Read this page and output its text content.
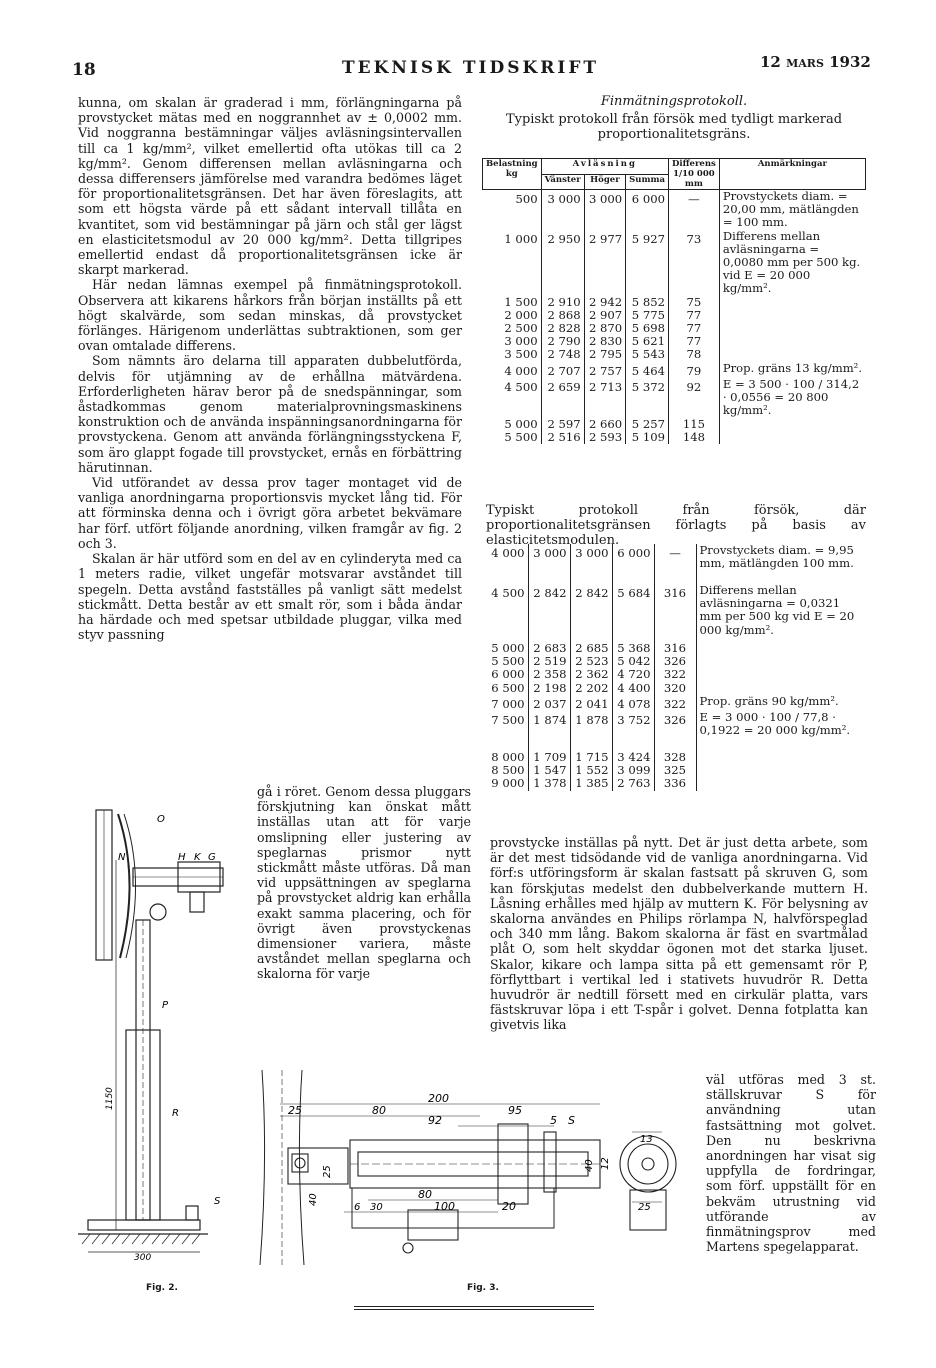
18	TEKNISK TIDSKRIFT	12 mars 1932

kunna, om skalan är graderad i mm, förlängningarna på provstycket mätas med en noggrannhet av ± 0,0002 mm. Vid noggranna bestämningar väljes avläsningsintervallen till ca 1 kg/mm², vilket emellertid ofta utökas till ca 2 kg/mm². Genom differensen mellan avläsningarna och dessa differensers jämförelse med varandra bedömes läget för proportionalitetsgränsen. Det har även föreslagits, att som ett högsta värde på ett sådant intervall tillåta en kvantitet, som vid bestämningar på järn och stål ger lägst en elasticitetsmodul av 20 000 kg/mm². Detta tillgripes emellertid endast då proportionalitetsgränsen icke är skarpt markerad.

Här nedan lämnas exempel på finmätningsprotokoll. Observera att kikarens hårkors från början inställts på ett högt skalvärde, som sedan minskas, då provstycket förlänges. Härigenom underlättas subtraktionen, som ger ovan omtalade differens.

Som nämnts äro delarna till apparaten dubbelutförda, delvis för utjämning av de erhållna mätvärdena. Erforderligheten härav beror på de snedspänningar, som åstadkommas genom materialprovningsmaskinens konstruktion och de använda inspänningsanordningarna för provstyckena. Genom att använda förlängningsstyckena F, som äro glappt fogade till provstycket, ernås en förbättring härutinnan.

Vid utförandet av dessa prov tager montaget vid de vanliga anordningarna proportionsvis mycket lång tid. För att förminska denna och i övrigt göra arbetet bekvämare har förf. utfört följande anordning, vilken framgår av fig. 2 och 3.

Skalan är här utförd som en del av en cylinderyta med ca 1 meters radie, vilket ungefär motsvarar avståndet till spegeln. Detta avstånd fastställes på vanligt sätt medelst stickmått. Detta består av ett smalt rör, som i båda ändar ha härdade och med spetsar utbildade pluggar, vilka med styv passning

gå i röret. Genom dessa pluggars förskjutning kan önskat mått inställas utan att för varje omslipning eller justering av speglarnas prismor nytt stickmått måste utföras. Då man vid uppsättningen av speglarna på provstycket aldrig kan erhålla exakt samma placering, och för övrigt även provstyckenas dimensioner variera, måste avståndet mellan speglarna och skalorna för varje

O
N	H K G
P
R
S
1150
300
Fig. 2.
200
25	80
92
95
5 S
13
25	40 12
80
100	20
6 30
40
25
Fig. 3.
Finmätningsprotokoll.
Typiskt protokoll från försök med tydligt markerad proportionalitetsgräns.
Belastning kg	Avläsning			Differens 1/10 000 mm	Anmärkningar
	Vänster	Höger	Summa		
500	3 000	3 000	6 000	—	Provstyckets diam. = 20,00 mm, mätlängden = 100 mm.
1 000	2 950	2 977	5 927	73	Differens mellan avläsningarna = 0,0080 mm per 500 kg. vid E = 20 000 kg/mm².
1 500	2 910	2 942	5 852	75	
2 000	2 868	2 907	5 775	77	
2 500	2 828	2 870	5 698	77	
3 000	2 790	2 830	5 621	77	
3 500	2 748	2 795	5 543	78	
4 000	2 707	2 757	5 464	79	Prop. gräns 13 kg/mm².
4 500	2 659	2 713	5 372	92	E = 3 500 · 100 / 314,2 · 0,0556 = 20 800 kg/mm².
5 000	2 597	2 660	5 257	115	
5 500	2 516	2 593	5 109	148	
Typiskt protokoll från försök, där proportionalitetsgränsen förlagts på basis av elasticitetsmodulen.
4 000	3 000	3 000	6 000	—	Provstyckets diam. = 9,95 mm, mätlängden 100 mm.
4 500	2 842	2 842	5 684	316	Differens mellan avläsningarna = 0,0321 mm per 500 kg vid E = 20 000 kg/mm².
5 000	2 683	2 685	5 368	316	
5 500	2 519	2 523	5 042	326	
6 000	2 358	2 362	4 720	322	
6 500	2 198	2 202	4 400	320	
7 000	2 037	2 041	4 078	322	Prop. gräns 90 kg/mm².
7 500	1 874	1 878	3 752	326	E = 3 000 · 100 / 77,8 · 0,1922 = 20 000 kg/mm².
8 000	1 709	1 715	3 424	328	
8 500	1 547	1 552	3 099	325	
9 000	1 378	1 385	2 763	336	

provstycke inställas på nytt. Det är just detta arbete, som är det mest tidsödande vid de vanliga anordningarna. Vid förf:s utföringsform är skalan fastsatt på skruven G, som kan förskjutas medelst den dubbelverkande muttern H. Låsning erhålles med hjälp av muttern K. För belysning av skalorna användes en Philips rörlampa N, halvförspeglad och 340 mm lång. Bakom skalorna är fäst en svartmålad plåt O, som helt skyddar ögonen mot det starka ljuset. Skalor, kikare och lampa sitta på ett gemensamt rör P, förflyttbart i vertikal led i stativets huvudrör R. Detta huvudrör är nedtill försett med en cirkulär platta, vars fästskruvar löpa i ett T-spår i golvet. Denna fotplatta kan givetvis lika

väl utföras med 3 st. ställskruvar S för användning utan fastsättning mot golvet. Den nu beskrivna anordningen har visat sig uppfylla de fordringar, som förf. uppställt för en bekväm utrustning vid utförande av finmätningsprov med Martens spegelapparat.
